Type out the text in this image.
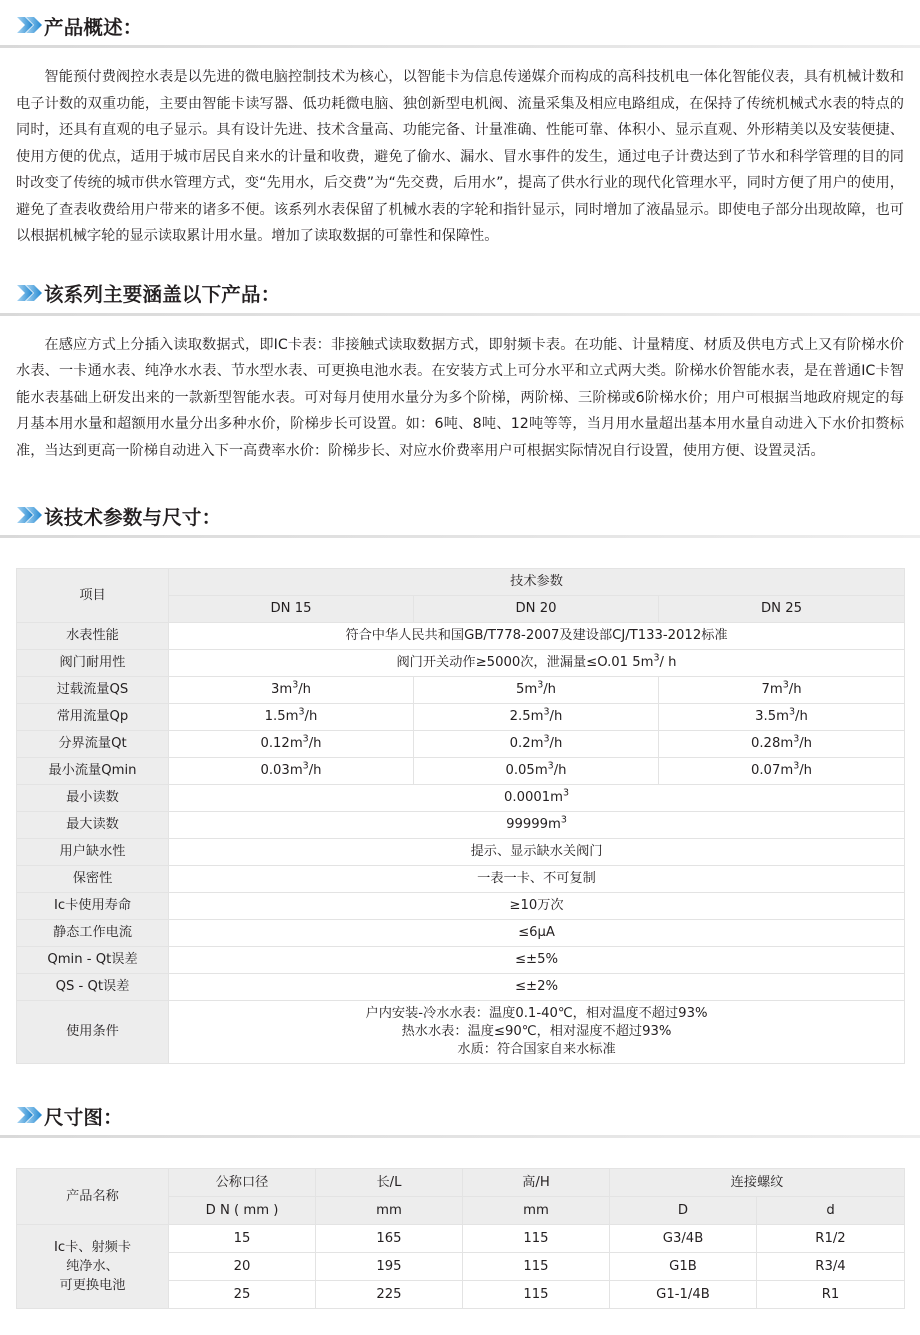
产品概述：

智能预付费阀控水表是以先进的微电脑控制技术为核心，以智能卡为信息传递媒介而构成的高科技机电一体化智能仪表，具有机械计数和电子计数的双重功能，主要由智能卡读写器、低功耗微电脑、独创新型电机阀、流量采集及相应电路组成，在保持了传统机械式水表的特点的同时，还具有直观的电子显示。具有设计先进、技术含量高、功能完备、计量准确、性能可靠、体积小、显示直观、外形精美以及安装便捷、使用方便的优点，适用于城市居民自来水的计量和收费，避免了偷水、漏水、冒水事件的发生，通过电子计费达到了节水和科学管理的目的同时改变了传统的城市供水管理方式，变“先用水，后交费”为“先交费，后用水”，提高了供水行业的现代化管理水平，同时方便了用户的使用，避免了查表收费给用户带来的诸多不便。该系列水表保留了机械水表的字轮和指针显示，同时增加了液晶显示。即使电子部分出现故障，也可以根据机械字轮的显示读取累计用水量。增加了读取数据的可靠性和保障性。

该系列主要涵盖以下产品：

在感应方式上分插入读取数据式，即IC卡表：非接触式读取数据方式，即射频卡表。在功能、计量精度、材质及供电方式上又有阶梯水价水表、一卡通水表、纯净水水表、节水型水表、可更换电池水表。在安装方式上可分水平和立式两大类。阶梯水价智能水表，是在普通IC卡智能水表基础上研发出来的一款新型智能水表。可对每月使用水量分为多个阶梯，两阶梯、三阶梯或6阶梯水价；用户可根据当地政府规定的每月基本用水量和超额用水量分出多种水价，阶梯步长可设置。如：6吨、8吨、12吨等等，当月用水量超出基本用水量自动进入下水价扣赘标准，当达到更高一阶梯自动进入下一高费率水价：阶梯步长、对应水价费率用户可根据实际情况自行设置，使用方便、设置灵活。

该技术参数与尺寸：
项目	技术参数		
	DN 15	DN 20	DN 25
水表性能	符合中华人民共和国GB/T778-2007及建设部CJ/T133-2012标准		
阀门耐用性	阀门开关动作≥5000次，泄漏量≤O.01 $5m^3/$ h		
过载流量QS	$3m^3/h$	$5m^3/h$	$7m^3/h$
常用流量Qp	$1.5m^3/h$	$2.5m^3/h$	$3.5m^3/h$
分界流量Qt	$0.12m^3/h$	$0.2m^3/h$	$0.28m^3/h$
最小流量Qmin	$0.03m^3/h$	$0.05m^3/h$	$0.07m^3/h$
最小读数	$0.0001m^3$
最大读数	$99999m^3$
用户缺水性	提示、显示缺水关阀门		
保密性	一表一卡、不可复制		
Ic卡使用寿命	≥10万次		
静态工作电流	≤6μA		
Qmin - Qt误差	≤±5%		
QS - Qt误差	≤±2%		
使用条件	户内安装-冷水水表：温度0.1-40℃，相对温度不超过93%
热水水表：温度≤90℃，相对湿度不超过93%
水质：符合国家自来水标准		
尺寸图：
产品名称	公称口径	长/L	高/H	连接螺纹	
	D N ( mm )	mm	mm	D	d

Ic卡、射频卡
纯净水、
可更换电池	15	165	115	G3/4B	R1/2
	20	195	115	G1B	R3/4
	25	225	115	G1-1/4B	R1
